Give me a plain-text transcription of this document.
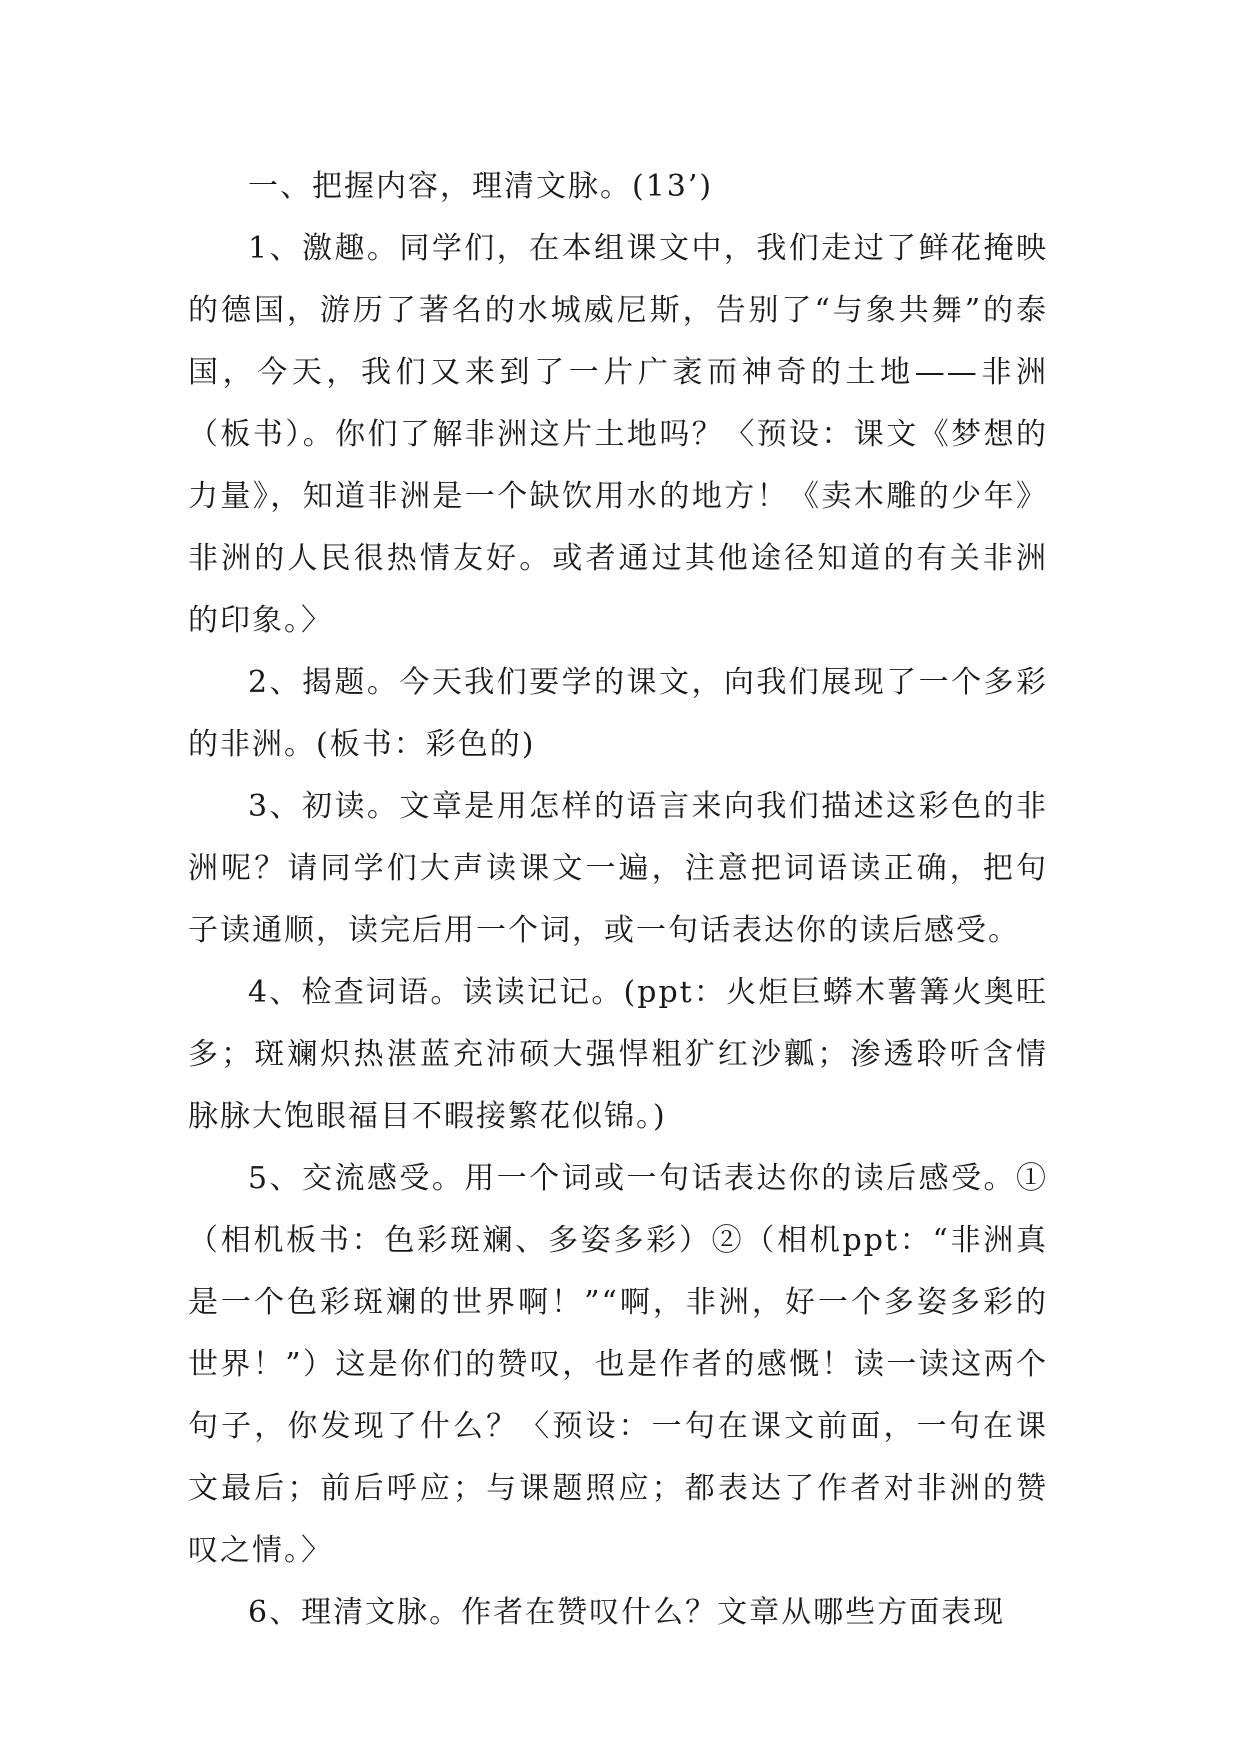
一、把握内容，理清文脉。(13’)

1、激趣。同学们，在本组课文中，我们走过了鲜花掩映的德国，游历了著名的水城威尼斯，告别了“与象共舞”的泰国，今天，我们又来到了一片广袤而神奇的土地——非洲（板书）。你们了解非洲这片土地吗？〈预设：课文《梦想的力量》，知道非洲是一个缺饮用水的地方！《卖木雕的少年》非洲的人民很热情友好。或者通过其他途径知道的有关非洲的印象。〉

2、揭题。今天我们要学的课文，向我们展现了一个多彩的非洲。(板书：彩色的)

3、初读。文章是用怎样的语言来向我们描述这彩色的非洲呢？请同学们大声读课文一遍，注意把词语读正确，把句子读通顺，读完后用一个词，或一句话表达你的读后感受。

4、检查词语。读读记记。(ppt：火炬巨蟒木薯篝火奥旺多；斑斓炽热湛蓝充沛硕大强悍粗犷红沙瓤；渗透聆听含情脉脉大饱眼福目不暇接繁花似锦。)

5、交流感受。用一个词或一句话表达你的读后感受。①（相机板书：色彩斑斓、多姿多彩）②（相机ppt：“非洲真是一个色彩斑斓的世界啊！”“啊，非洲，好一个多姿多彩的世界！”）这是你们的赞叹，也是作者的感慨！读一读这两个句子，你发现了什么？〈预设：一句在课文前面，一句在课文最后；前后呼应；与课题照应；都表达了作者对非洲的赞叹之情。〉

6、理清文脉。作者在赞叹什么？文章从哪些方面表现
